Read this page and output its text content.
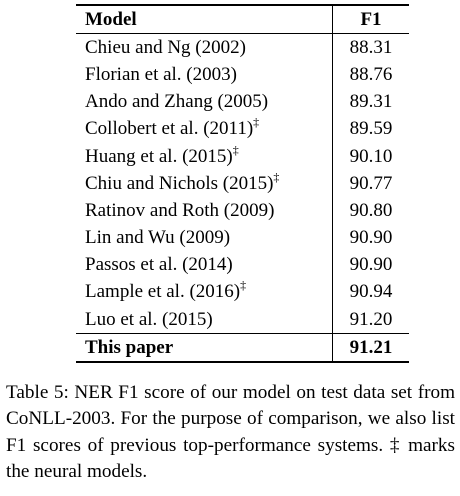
Model	F1
Chieu and Ng (2002)	88.31
Florian et al. (2003)	88.76
Ando and Zhang (2005)	89.31
Collobert et al. (2011)‡	89.59
Huang et al. (2015)‡	90.10
Chiu and Nichols (2015)‡	90.77
Ratinov and Roth (2009)	90.80
Lin and Wu (2009)	90.90
Passos et al. (2014)	90.90
Lample et al. (2016)‡	90.94
Luo et al. (2015)	91.20
This paper	91.21

Table 5: NER F1 score of our model on test data set from CoNLL-2003. For the purpose of comparison, we also list F1 scores of previous top-performance systems. ‡ marks the neural models.
